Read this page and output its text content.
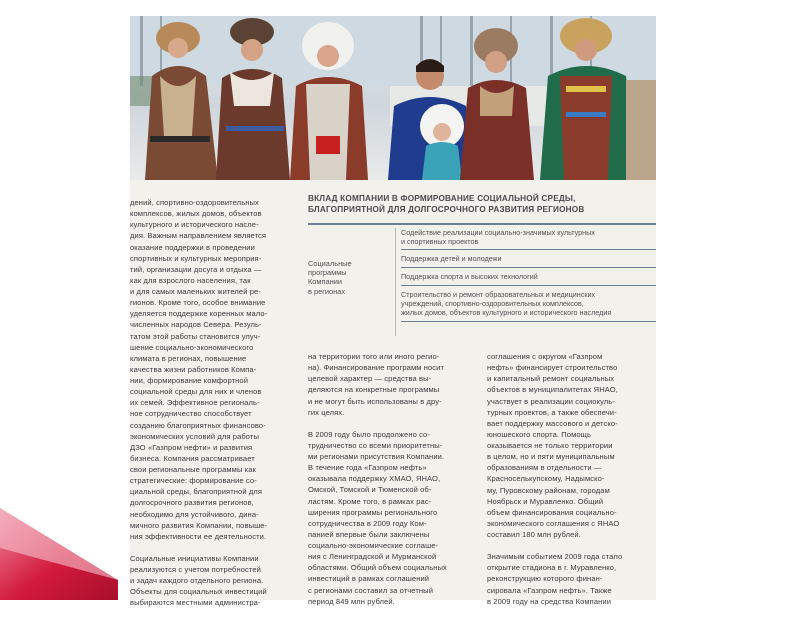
дений, спортивно-оздоровительных
комплексов, жилых домов, объектов
культурного и исторического насле-
дия. Важным направлением является
оказание поддержки в проведении
спортивных и культурных мероприя-
тий, организации досуга и отдыха —
как для взрослого населения, так
и для самых маленьких жителей ре-
гионов. Кроме того, особое внимание
уделяется поддержке коренных мало-
численных народов Севера. Резуль-
татом этой работы становится улуч-
шение социально-экономического
климата в регионах, повышение
качества жизни работников Компа-
нии, формирование комфортной
социальной среды для них и членов
их семей. Эффективное региональ-
ное сотрудничество способствует
созданию благоприятных финансово-
экономических условий для работы
ДЗО «Газпром нефти» и развития
бизнеса. Компания рассматривает
свои региональные программы как
стратегические: формирование со-
циальной среды, благоприятной для
долгосрочного развития регионов,
необходимо для устойчивого, дина-
мичного развития Компании, повыше-
ния эффективности ее деятельности.

Социальные инициативы Компании
реализуются с учетом потребностей
и задач каждого отдельного региона.
Объекты для социальных инвестиций
выбираются местными администра-

ВКЛАД КОМПАНИИ В ФОРМИРОВАНИЕ СОЦИАЛЬНОЙ СРЕДЫ,
БЛАГОПРИЯТНОЙ ДЛЯ ДОЛГОСРОЧНОГО РАЗВИТИЯ РЕГИОНОВ
Социальные
программы
Компании
в регионах
Содействие реализации социально-значимых культурных
и спортивных проектов
Поддержка детей и молодежи
Поддержка спорта и высоких технологий
Строительство и ремонт образовательных и медицинских
учреждений, спортивно-оздоровительных комплексов,
жилых домов, объектов культурного и исторического наследия

на территории того или иного регио-
на). Финансирование программ носит
целевой характер — средства вы-
деляются на конкретные программы
и не могут быть использованы в дру-
гих целях.

В 2009 году было продолжено со-
трудничество со всеми приоритетны-
ми регионами присутствия Компании.
В течение года «Газпром нефть»
оказывала поддержку ХМАО, ЯНАО,
Омской, Томской и Тюменской об-
ластям. Кроме того, в рамках рас-
ширения программы регионального
сотрудничества в 2009 году Ком-
панией впервые были заключены
социально-экономические соглаше-
ния с Ленинградской и Мурманской
областями. Общий объем социальных
инвестиций в рамках соглашений
с регионами составил за отчетный
период 849 млн рублей.

соглашения с округом «Газпром
нефть» финансирует строительство
и капитальный ремонт социальных
объектов в муниципалитетах ЯНАО,
участвует в реализации социокуль-
турных проектов, а также обеспечи-
вает поддержку массового и детско-
юношеского спорта. Помощь
оказывается не только территории
в целом, но и пяти муниципальным
образованиям в отдельности —
Красноселькупскому, Надымско-
му, Пуровскому районам, городам
Ноябрьск и Муравленко. Общий
объем финансирования социально-
экономического соглашения с ЯНАО
составил 180 млн рублей.

Значимым событием 2009 года стало
открытие стадиона в г. Муравленко,
реконструкцию которого финан-
сировала «Газпром нефть». Также
в 2009 году на средства Компании
